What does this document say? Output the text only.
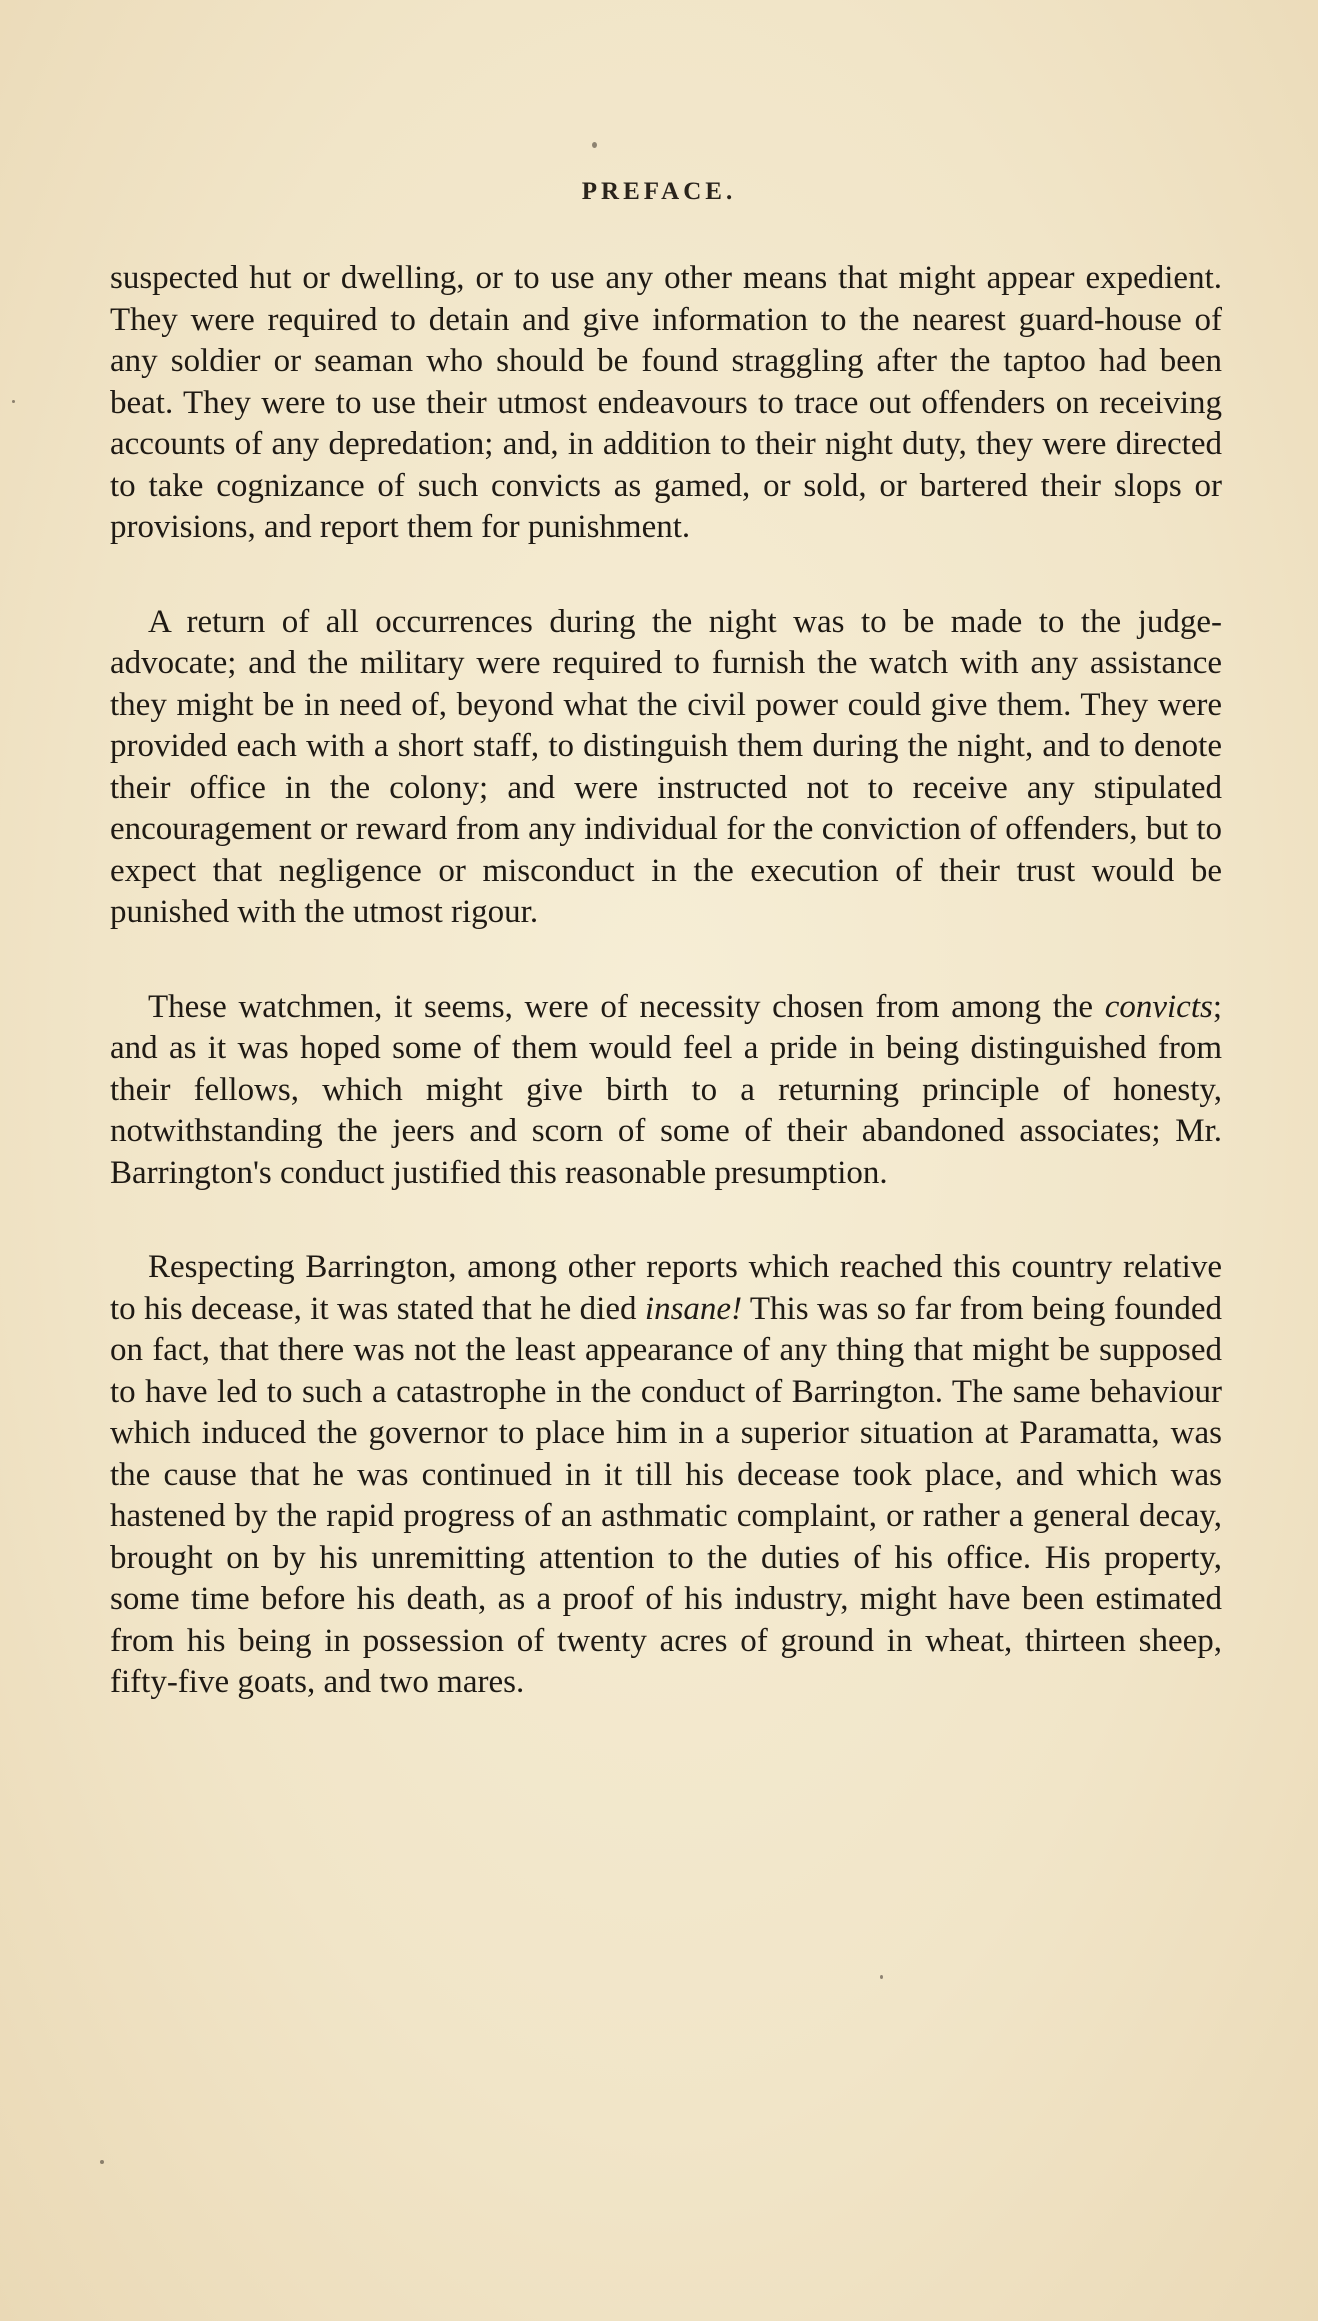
PREFACE.

suspected hut or dwelling, or to use any other means that might appear expedient. They were required to detain and give information to the nearest guard-house of any soldier or seaman who should be found straggling after the taptoo had been beat. They were to use their utmost endeavours to trace out offenders on receiving accounts of any depredation; and, in addition to their night duty, they were directed to take cognizance of such convicts as gamed, or sold, or bartered their slops or provisions, and report them for punishment.

A return of all occurrences during the night was to be made to the judge-advocate; and the military were required to furnish the watch with any assistance they might be in need of, beyond what the civil power could give them. They were provided each with a short staff, to distinguish them during the night, and to denote their office in the colony; and were instructed not to receive any stipulated encouragement or reward from any individual for the conviction of offenders, but to expect that negligence or misconduct in the execution of their trust would be punished with the utmost rigour.

These watchmen, it seems, were of necessity chosen from among the convicts; and as it was hoped some of them would feel a pride in being distinguished from their fellows, which might give birth to a returning principle of honesty, notwithstanding the jeers and scorn of some of their abandoned associates; Mr. Barrington's conduct justified this reasonable presumption.

Respecting Barrington, among other reports which reached this country relative to his decease, it was stated that he died insane! This was so far from being founded on fact, that there was not the least appearance of any thing that might be supposed to have led to such a catastrophe in the conduct of Barrington. The same behaviour which induced the governor to place him in a superior situation at Paramatta, was the cause that he was continued in it till his decease took place, and which was hastened by the rapid progress of an asthmatic complaint, or rather a general decay, brought on by his unremitting attention to the duties of his office. His property, some time before his death, as a proof of his industry, might have been estimated from his being in possession of twenty acres of ground in wheat, thirteen sheep, fifty-five goats, and two mares.
